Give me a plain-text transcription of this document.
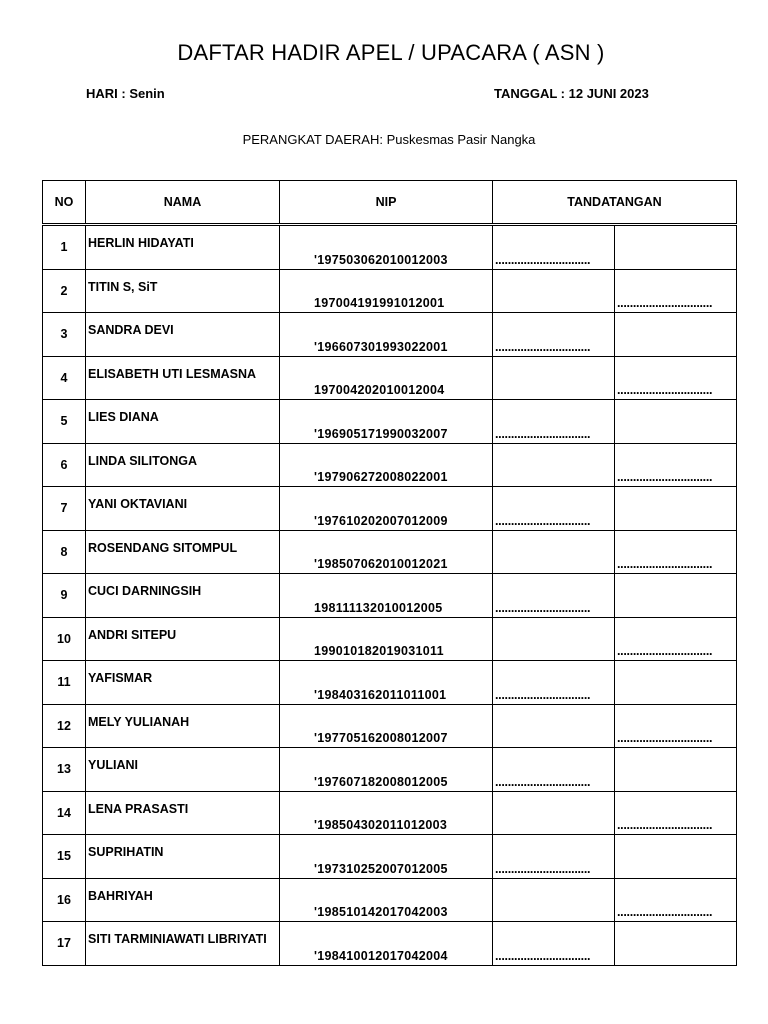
DAFTAR HADIR APEL / UPACARA ( ASN )
HARI : Senin	TANGGAL : 12 JUNI 2023
PERANGKAT DAERAH: Puskesmas Pasir Nangka
NO	NAMA	NIP	TANDATANGAN	
1	HERLIN HIDAYATI	'197503062010012003	..............................	

2	TITIN S, SiT	197004191991012001		..............................

3	SANDRA DEVI	'196607301993022001	..............................	

4	ELISABETH UTI LESMASNA	197004202010012004		..............................

5	LIES DIANA	'196905171990032007	..............................	

6	LINDA SILITONGA	'197906272008022001		..............................

7	YANI OKTAVIANI	'197610202007012009	..............................	

8	ROSENDANG SITOMPUL	'198507062010012021		..............................

9	CUCI DARNINGSIH	198111132010012005	..............................	

10	ANDRI SITEPU	199010182019031011		..............................

11	YAFISMAR	'198403162011011001	..............................	

12	MELY YULIANAH	'197705162008012007		..............................

13	YULIANI	'197607182008012005	..............................	

14	LENA PRASASTI	'198504302011012003		..............................

15	SUPRIHATIN	'197310252007012005	..............................	

16	BAHRIYAH	'198510142017042003		..............................

17	SITI TARMINIAWATI LIBRIYATI	'198410012017042004	..............................	
